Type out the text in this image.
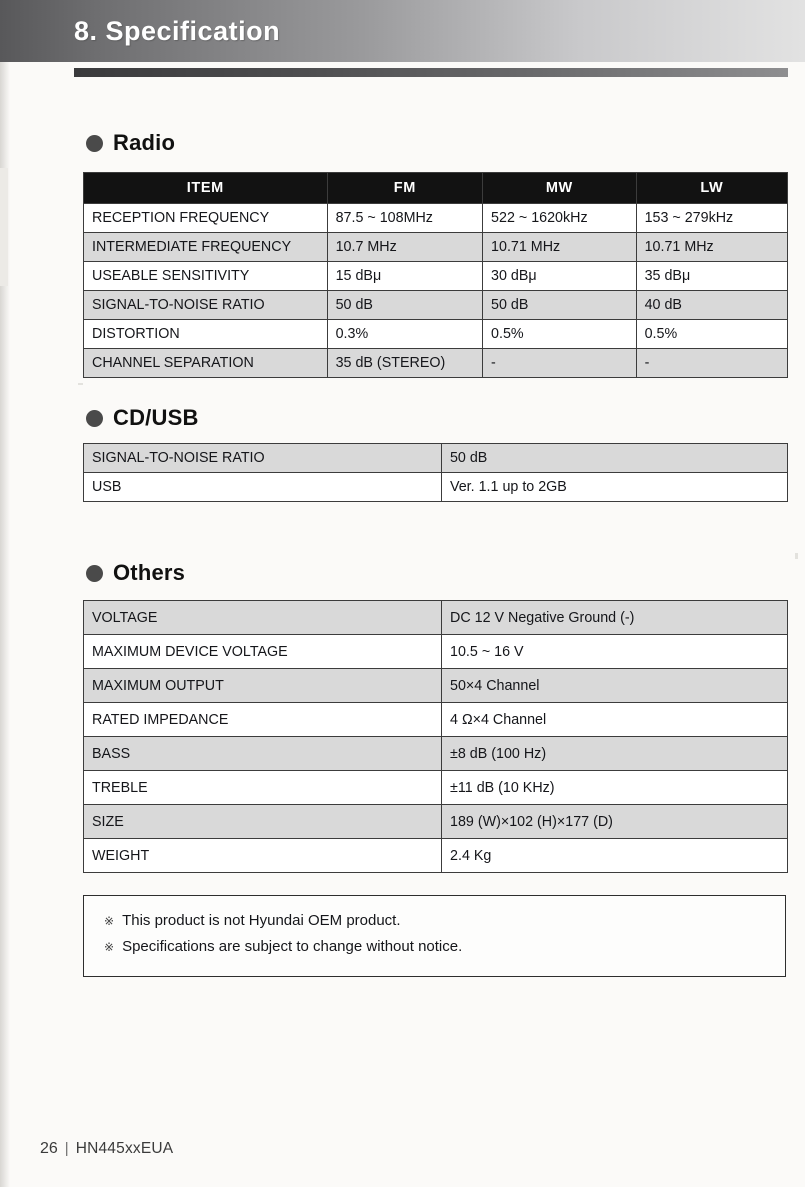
8. Specification
Radio
ITEM	FM	MW	LW
RECEPTION FREQUENCY	87.5 ~ 108MHz	522 ~ 1620kHz	153 ~ 279kHz
INTERMEDIATE FREQUENCY	10.7 MHz	10.71 MHz	10.71 MHz
USEABLE SENSITIVITY	15 dBμ	30 dBμ	35 dBμ
SIGNAL-TO-NOISE RATIO	50 dB	50 dB	40 dB
DISTORTION	0.3%	0.5%	0.5%
CHANNEL SEPARATION	35 dB (STEREO)	-	-
CD/USB
SIGNAL-TO-NOISE RATIO	50 dB
USB	Ver. 1.1 up to 2GB
Others
VOLTAGE	DC 12 V Negative Ground (-)
MAXIMUM DEVICE VOLTAGE	10.5 ~ 16 V
MAXIMUM OUTPUT	50×4 Channel
RATED IMPEDANCE	4 Ω×4 Channel
BASS	±8 dB (100 Hz)
TREBLE	±11 dB (10 KHz)
SIZE	189 (W)×102 (H)×177 (D)
WEIGHT	2.4 Kg
※ This product is not Hyundai OEM product.
※ Specifications are subject to change without notice.
26 | HN445xxEUA
